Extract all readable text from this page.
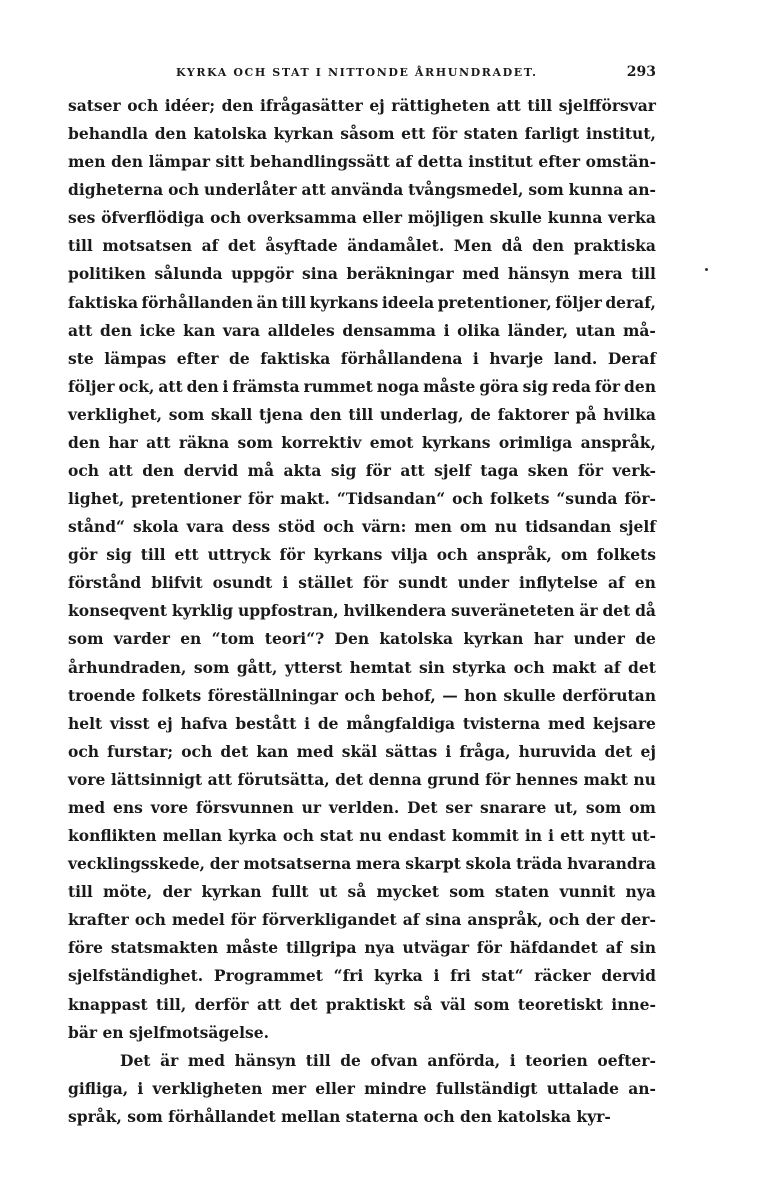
KYRKA OCH STAT I NITTONDE ÅRHUNDRADET.	293
satser och idéer; den ifrågasätter ej rättigheten att till sjelfförsvar
behandla den katolska kyrkan såsom ett för staten farligt institut,
men den lämpar sitt behandlingssätt af detta institut efter omstän-
digheterna och underlåter att använda tvångsmedel, som kunna an-
ses öfverflödiga och overksamma eller möjligen skulle kunna verka
till motsatsen af det åsyftade ändamålet. Men då den praktiska
politiken sålunda uppgör sina beräkningar med hänsyn mera till
faktiska förhållanden än till kyrkans ideela pretentioner, följer deraf,
att den icke kan vara alldeles densamma i olika länder, utan må-
ste lämpas efter de faktiska förhållandena i hvarje land. Deraf
följer ock, att den i främsta rummet noga måste göra sig reda för den
verklighet, som skall tjena den till underlag, de faktorer på hvilka
den har att räkna som korrektiv emot kyrkans orimliga anspråk,
och att den dervid må akta sig för att sjelf taga sken för verk-
lighet, pretentioner för makt. “Tidsandan“ och folkets “sunda för-
stånd“ skola vara dess stöd och värn: men om nu tidsandan sjelf
gör sig till ett uttryck för kyrkans vilja och anspråk, om folkets
förstånd blifvit osundt i stället för sundt under inflytelse af en
konseqvent kyrklig uppfostran, hvilkendera suveräneteten är det då
som varder en “tom teori“? Den katolska kyrkan har under de
århundraden, som gått, ytterst hemtat sin styrka och makt af det
troende folkets föreställningar och behof, — hon skulle derförutan
helt visst ej hafva bestått i de mångfaldiga tvisterna med kejsare
och furstar; och det kan med skäl sättas i fråga, huruvida det ej
vore lättsinnigt att förutsätta, det denna grund för hennes makt nu
med ens vore försvunnen ur verlden. Det ser snarare ut, som om
konflikten mellan kyrka och stat nu endast kommit in i ett nytt ut-
vecklingsskede, der motsatserna mera skarpt skola träda hvarandra
till möte, der kyrkan fullt ut så mycket som staten vunnit nya
krafter och medel för förverkligandet af sina anspråk, och der der-
före statsmakten måste tillgripa nya utvägar för häfdandet af sin
sjelfständighet. Programmet “fri kyrka i fri stat“ räcker dervid
knappast till, derför att det praktiskt så väl som teoretiskt inne-
bär en sjelfmotsägelse.
Det är med hänsyn till de ofvan anförda, i teorien oefter-
gifliga, i verkligheten mer eller mindre fullständigt uttalade an-
språk, som förhållandet mellan staterna och den katolska kyr-
